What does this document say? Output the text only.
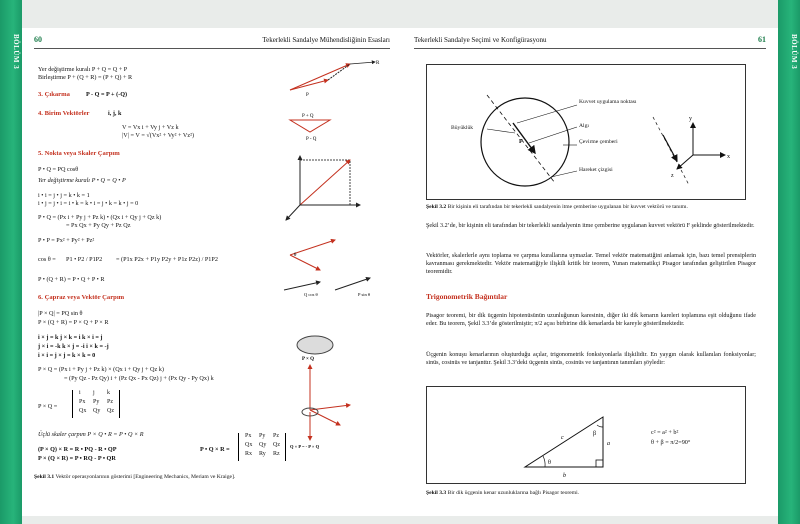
BÖLÜM 3	BÖLÜM 3
60	Tekerlekli Sandalye Mühendisliğinin Esasları
Yer değiştirme kuralı P + Q = Q + P
Birleştirme P + (Q + R) = (P + Q) + R
3. Çıkarma	P - Q = P + (-Q)
4. Birim Vektörler	i, j, k
V = Vx i + Vy j + Vz k
|V| = V = √(Vx² + Vy² + Vz²)
5. Nokta veya Skaler Çarpım
P • Q = PQ cosθ
Yer değiştirme kuralı P • Q = Q • P
i • i = j • j = k • k = 1
i • j = j • i = i • k = k • i = j • k = k • j = 0
P • Q = (Px i + Py j + Pz k) • (Qx i + Qy j + Qz k)
= Px Qx + Py Qy + Pz Qz
P • P = Px² + Py² + Pz²
cos θ = P1 • P2 / P1P2 = (P1x P2x + P1y P2y + P1z P2z) / P1P2
P • (Q + R) = P • Q + P • R
6. Çapraz veya Vektör Çarpım
|P × Q| = PQ sin θ
P × (Q + R) = P × Q + P × R
i × j = k j × k = i k × i = j
j × i = -k k × j = -i i × k = -j
i × i = j × j = k × k = 0
P × Q = (Px i + Py j + Pz k) × (Qx i + Qy j + Qz k)
= (Py Qz - Pz Qy) i + (Pz Qx - Px Qz) j + (Px Qy - Py Qx) k
P × Q =
i j k
Px Py Pz
Qx Qy Qz
Üçlü skaler çarpım P × Q • R = P • Q × R
(P × Q) × R = R • PQ - R • QP
P × (Q × R) = P • RQ - P • QR
P • Q × R =
Px Py Pz
Qx Qy Qz
Rx Ry Rz
R
P
P + Q
P - Q
θ
Q cos θ	P sin θ
P × Q
Q × P = - P × Q
Şekil 3.1 Vektör operasyonlarının gösterimi [Engineering Mechanics, Meriam ve Kraige].
Tekerlekli Sandalye Seçimi ve Konfigürasyonu	61
F
y
x
z
Kuvvet uygulama noktası
Büyüklük	Algı
Çevirme çemberi
Hareket çizgisi
Şekil 3.2 Bir kişinin eli tarafından bir tekerlekli sandalyenin itme çemberine uygulanan bir kuvvet vektörü ve tanımı.
Şekil 3.2’de, bir kişinin eli tarafından bir tekerlekli sandalyenin itme çemberine uygulanan kuvvet vektörü F şeklinde gösterilmektedir.
Vektörler, skalerlerle aynı toplama ve çarpma kurallarına uymazlar. Temel vektör matematiğini anlamak için, bazı temel prensiplerin kavranması gerekmektedir. Vektör matematiğiyle ilişkili kritik bir teorem, Yunan matematikçi Pisagor tarafından geliştirilen Pisagor teoremidir.
Trigonometrik Bağıntılar
Pisagor teoremi, bir dik üçgenin hipotenüsünün uzunluğunun karesinin, diğer iki dik kenarın kareleri toplamına eşit olduğunu ifade eder. Bu teorem, Şekil 3.3’de gösterilmiştir; π/2 açısı birbirine dik kenarlarda bir kareyle gösterilmektedir.
Üçgenin konuşu kenarlarının oluşturduğu açılar, trigonometrik fonksiyonlarla ilişkilidir. En yaygın olarak kullanılan fonksiyonlar; sinüs, cosinüs ve tanjanttır. Şekil 3.3’deki üçgenin sinüs, cosinüs ve tanjantının tanımları şöyledir:
c
a
b
θ
β	c² = a² + b²
θ + β = π/2=90°
Şekil 3.3 Bir dik üçgenin kenar uzunluklarına bağlı Pisagor teoremi.
